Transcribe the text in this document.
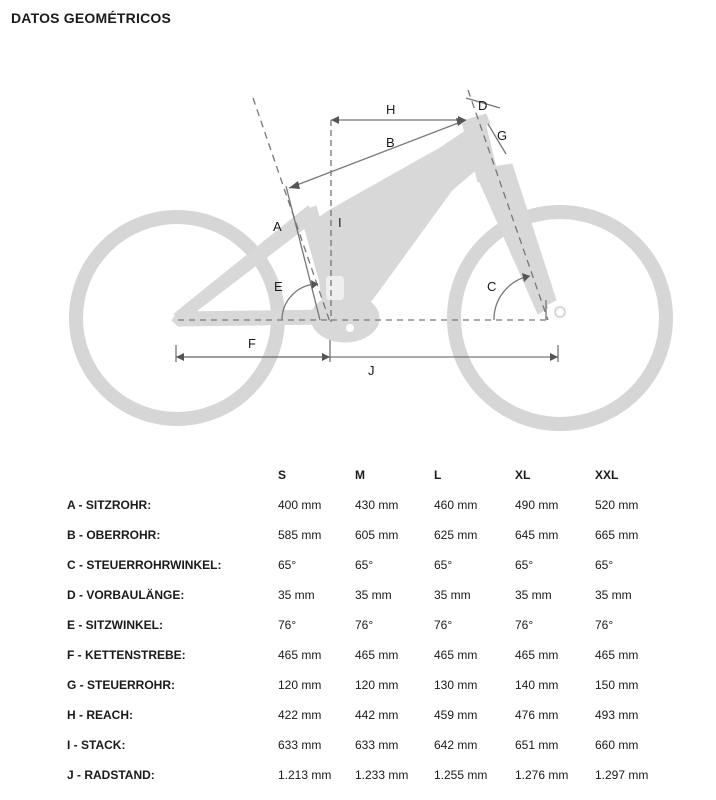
DATOS GEOMÉTRICOS
H	D
G
B
A	I
E	C
F
J
	S	M	L	XL	XXL
A - SITZROHR:	400 mm	430 mm	460 mm	490 mm	520 mm
B - OBERROHR:	585 mm	605 mm	625 mm	645 mm	665 mm
C - STEUERROHRWINKEL:	65°	65°	65°	65°	65°
D - VORBAULÄNGE:	35 mm	35 mm	35 mm	35 mm	35 mm
E - SITZWINKEL:	76°	76°	76°	76°	76°
F - KETTENSTREBE:	465 mm	465 mm	465 mm	465 mm	465 mm
G - STEUERROHR:	120 mm	120 mm	130 mm	140 mm	150 mm
H - REACH:	422 mm	442 mm	459 mm	476 mm	493 mm
I - STACK:	633 mm	633 mm	642 mm	651 mm	660 mm
J - RADSTAND:	1.213 mm	1.233 mm	1.255 mm	1.276 mm	1.297 mm
